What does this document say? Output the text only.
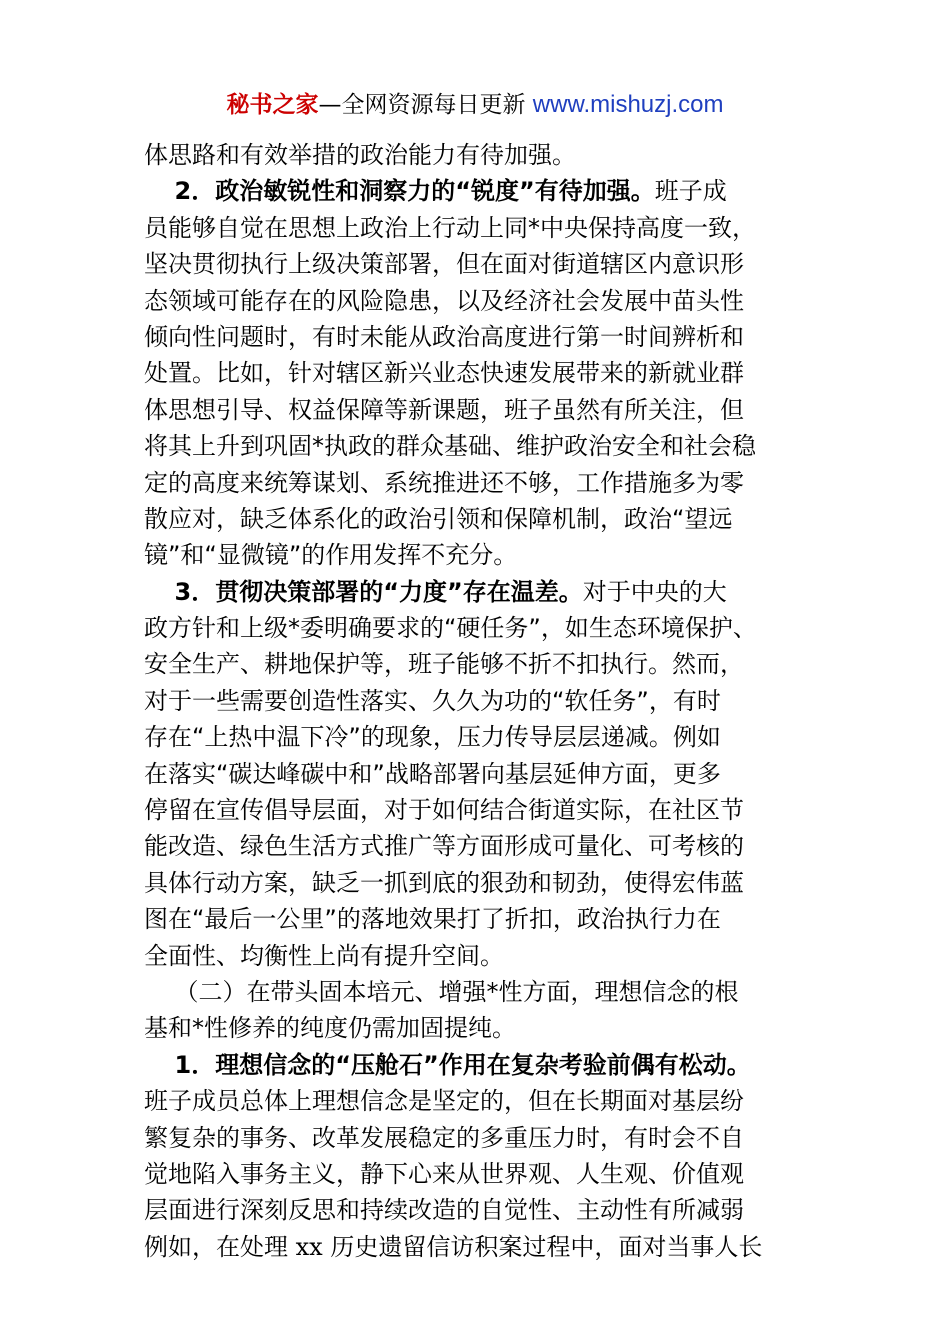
秘书之家—全网资源每日更新 www.mishuzj.com
体思路和有效举措的政治能力有待加强。
2．政治敏锐性和洞察力的“锐度”有待加强。班子成
员能够自觉在思想上政治上行动上同*中央保持高度一致，
坚决贯彻执行上级决策部署，但在面对街道辖区内意识形
态领域可能存在的风险隐患，以及经济社会发展中苗头性
倾向性问题时，有时未能从政治高度进行第一时间辨析和
处置。比如，针对辖区新兴业态快速发展带来的新就业群
体思想引导、权益保障等新课题，班子虽然有所关注，但
将其上升到巩固*执政的群众基础、维护政治安全和社会稳
定的高度来统筹谋划、系统推进还不够，工作措施多为零
散应对，缺乏体系化的政治引领和保障机制，政治“望远
镜”和“显微镜”的作用发挥不充分。
3．贯彻决策部署的“力度”存在温差。对于中央的大
政方针和上级*委明确要求的“硬任务”，如生态环境保护、
安全生产、耕地保护等，班子能够不折不扣执行。然而，
对于一些需要创造性落实、久久为功的“软任务”，有时
存在“上热中温下冷”的现象，压力传导层层递减。例如
在落实“碳达峰碳中和”战略部署向基层延伸方面，更多
停留在宣传倡导层面，对于如何结合街道实际，在社区节
能改造、绿色生活方式推广等方面形成可量化、可考核的
具体行动方案，缺乏一抓到底的狠劲和韧劲，使得宏伟蓝
图在“最后一公里”的落地效果打了折扣，政治执行力在
全面性、均衡性上尚有提升空间。
（二）在带头固本培元、增强*性方面，理想信念的根
基和*性修养的纯度仍需加固提纯。
1．理想信念的“压舱石”作用在复杂考验前偶有松动。
班子成员总体上理想信念是坚定的，但在长期面对基层纷
繁复杂的事务、改革发展稳定的多重压力时，有时会不自
觉地陷入事务主义，静下心来从世界观、人生观、价值观
层面进行深刻反思和持续改造的自觉性、主动性有所减弱
例如，在处理 xx 历史遗留信访积案过程中，面对当事人长
